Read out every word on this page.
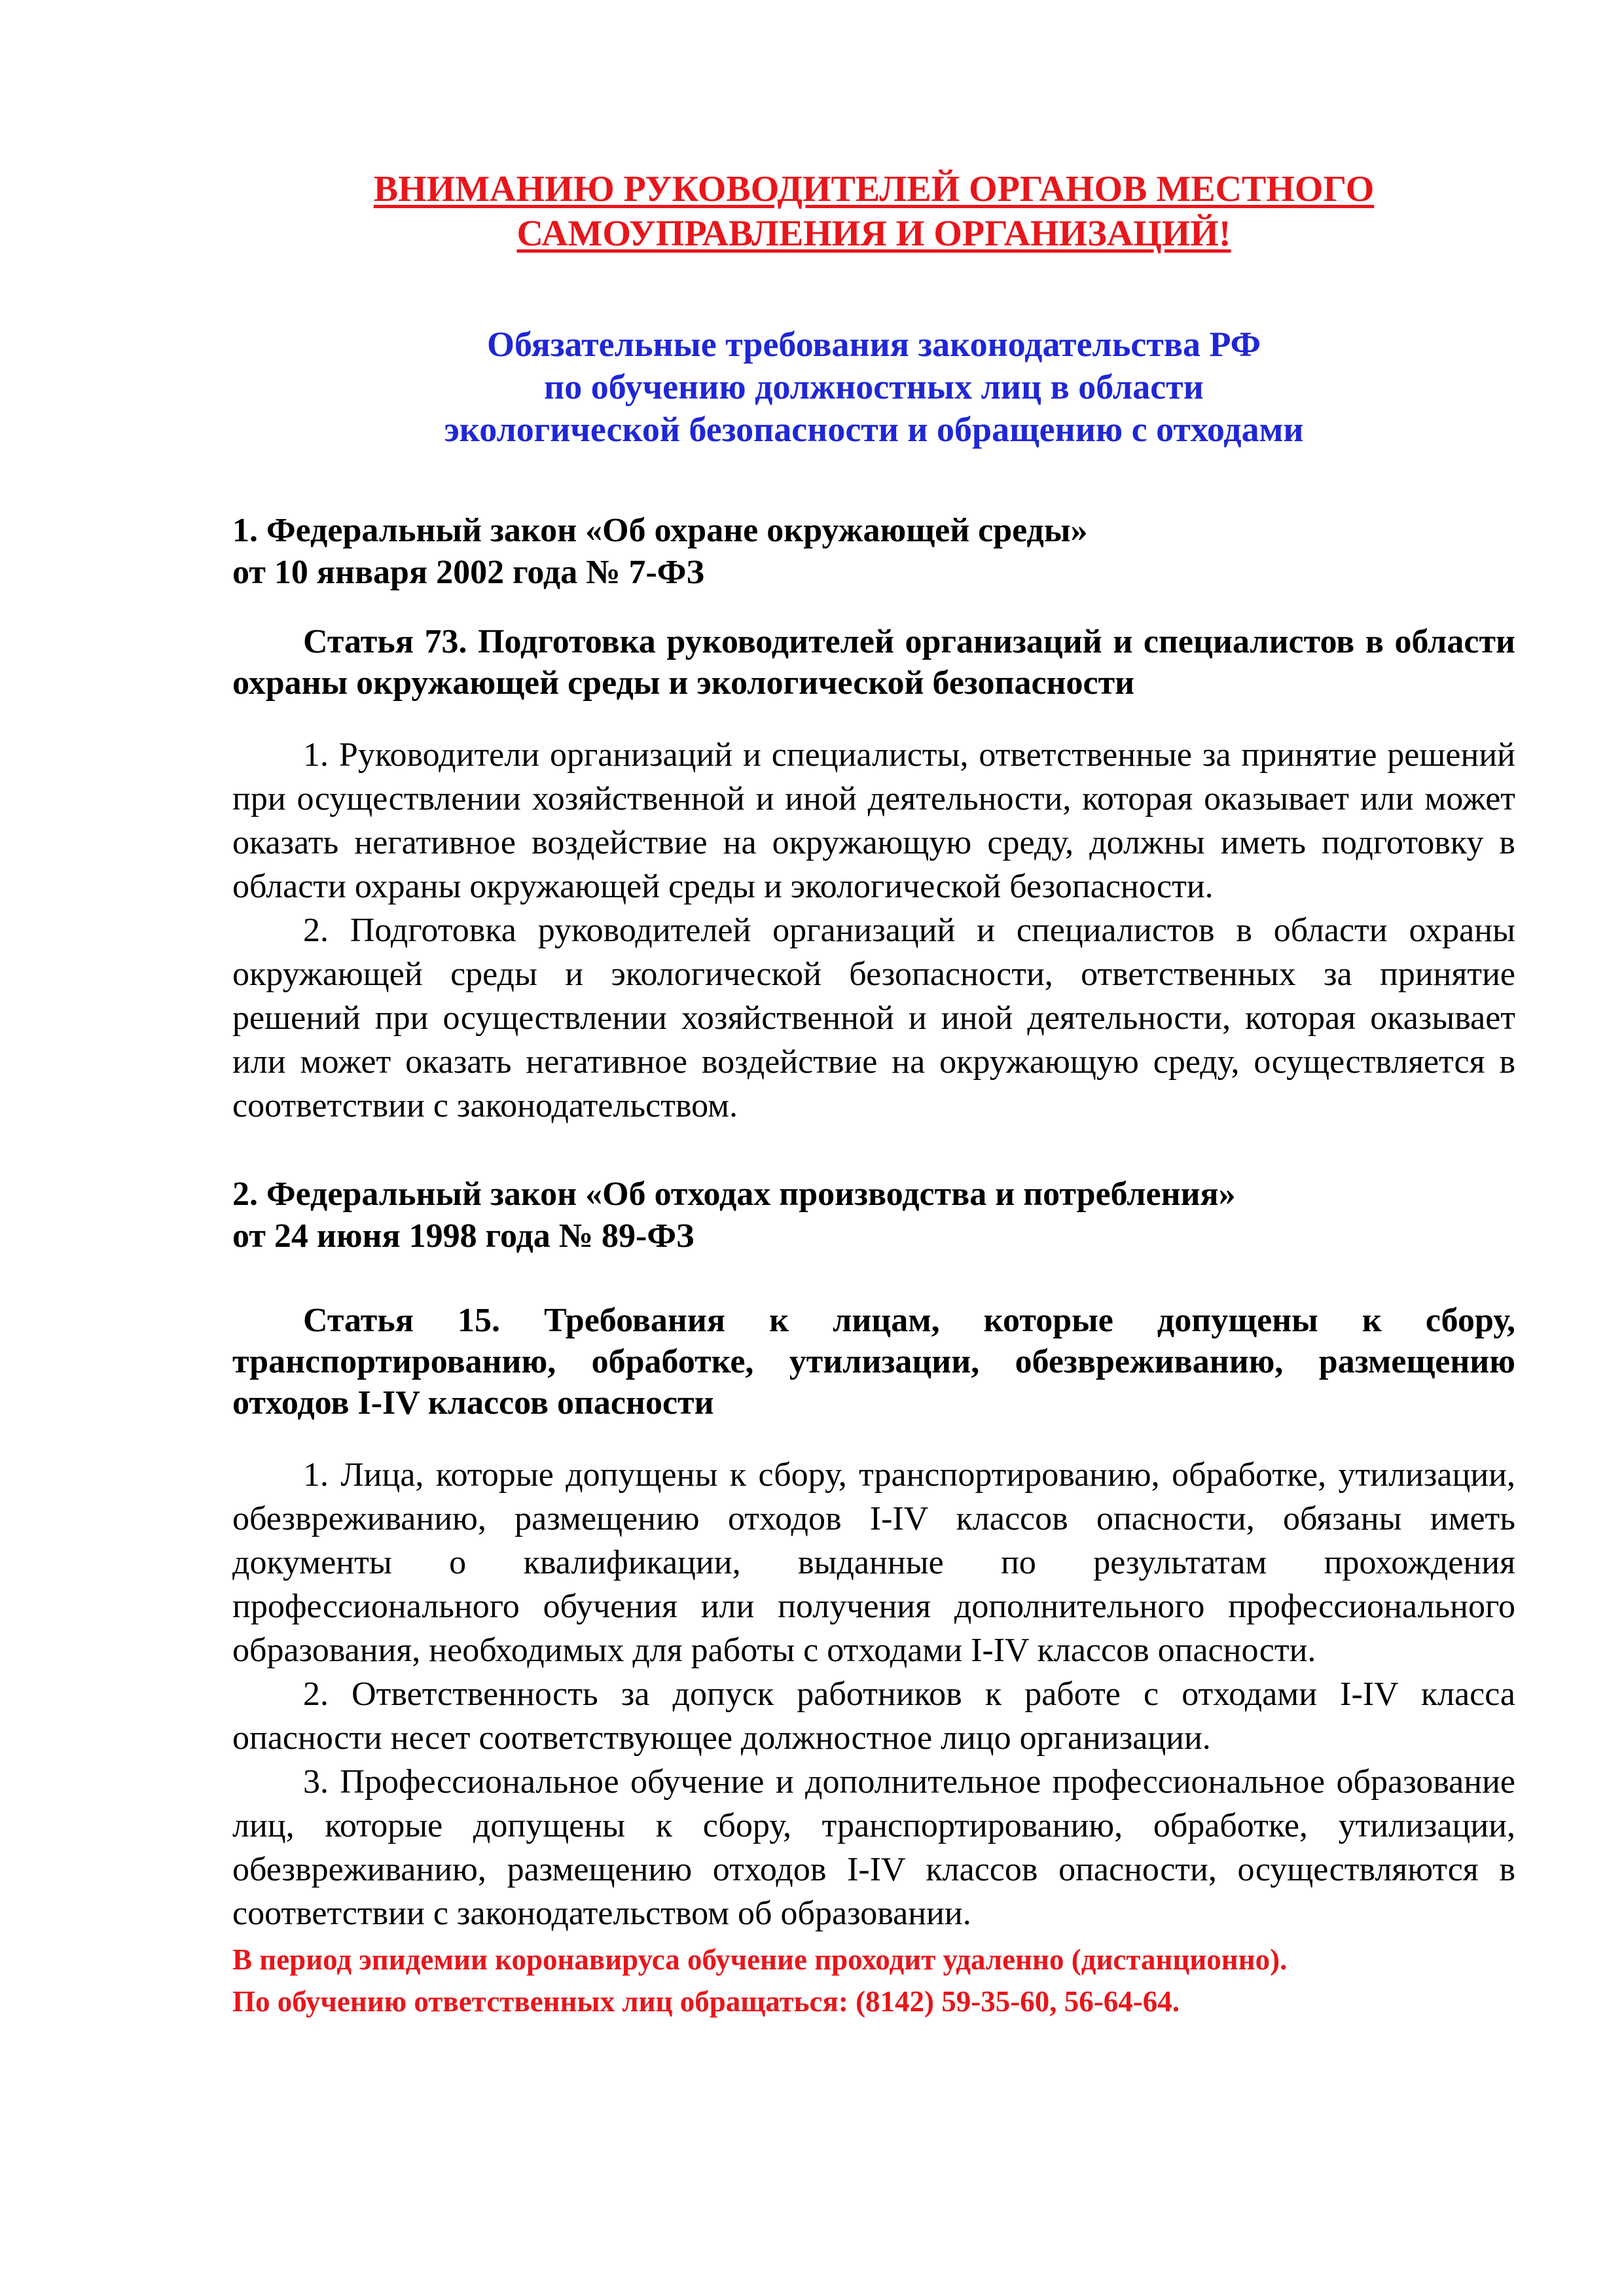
ВНИМАНИЮ РУКОВОДИТЕЛЕЙ ОРГАНОВ МЕСТНОГО
САМОУПРАВЛЕНИЯ И ОРГАНИЗАЦИЙ!
Обязательные требования законодательства РФ
по обучению должностных лиц в области
экологической безопасности и обращению с отходами

1. Федеральный закон «Об охране окружающей среды»
от 10 января 2002 года № 7-ФЗ

Статья 73. Подготовка руководителей организаций и специалистов в области охраны окружающей среды и экологической безопасности

1. Руководители организаций и специалисты, ответственные за принятие решений при осуществлении хозяйственной и иной деятельности, которая оказывает или может оказать негативное воздействие на окружающую среду, должны иметь подготовку в области охраны окружающей среды и экологической безопасности.

2. Подготовка руководителей организаций и специалистов в области охраны окружающей среды и экологической безопасности, ответственных за принятие решений при осуществлении хозяйственной и иной деятельности, которая оказывает или может оказать негативное воздействие на окружающую среду, осуществляется в соответствии с законодательством.

2. Федеральный закон «Об отходах производства и потребления»
от 24 июня 1998 года № 89-ФЗ

Статья 15. Требования к лицам, которые допущены к сбору, транспортированию, обработке, утилизации, обезвреживанию, размещению отходов I-IV классов опасности

1. Лица, которые допущены к сбору, транспортированию, обработке, утилизации, обезвреживанию, размещению отходов I-IV классов опасности, обязаны иметь документы о квалификации, выданные по результатам прохождения профессионального обучения или получения дополнительного профессионального образования, необходимых для работы с отходами I-IV классов опасности.

2. Ответственность за допуск работников к работе с отходами I-IV класса опасности несет соответствующее должностное лицо организации.

3. Профессиональное обучение и дополнительное профессиональное образование лиц, которые допущены к сбору, транспортированию, обработке, утилизации, обезвреживанию, размещению отходов I-IV классов опасности, осуществляются в соответствии с законодательством об образовании.

В период эпидемии коронавируса обучение проходит удаленно (дистанционно).

По обучению ответственных лиц обращаться: (8142) 59-35-60, 56-64-64.
